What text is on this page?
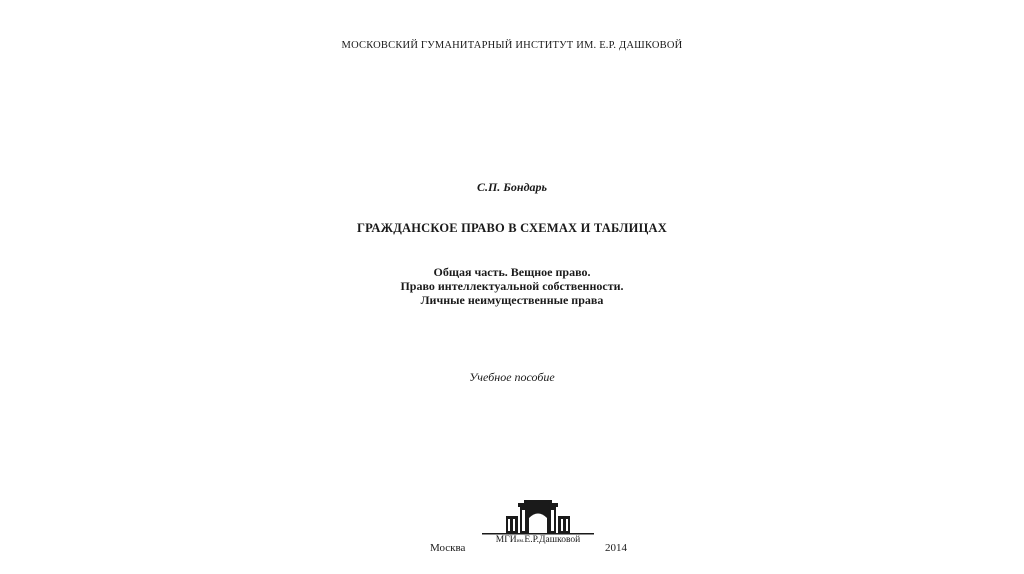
МОСКОВСКИЙ ГУМАНИТАРНЫЙ ИНСТИТУТ ИМ. Е.Р. ДАШКОВОЙ
С.П. Бондарь
ГРАЖДАНСКОЕ ПРАВО В СХЕМАХ И ТАБЛИЦАХ
Общая часть. Вещное право.
Право интеллектуальной собственности.
Личные неимущественные права
Учебное пособие
Москва
МГИим.Е.Р.Дашковой
2014
